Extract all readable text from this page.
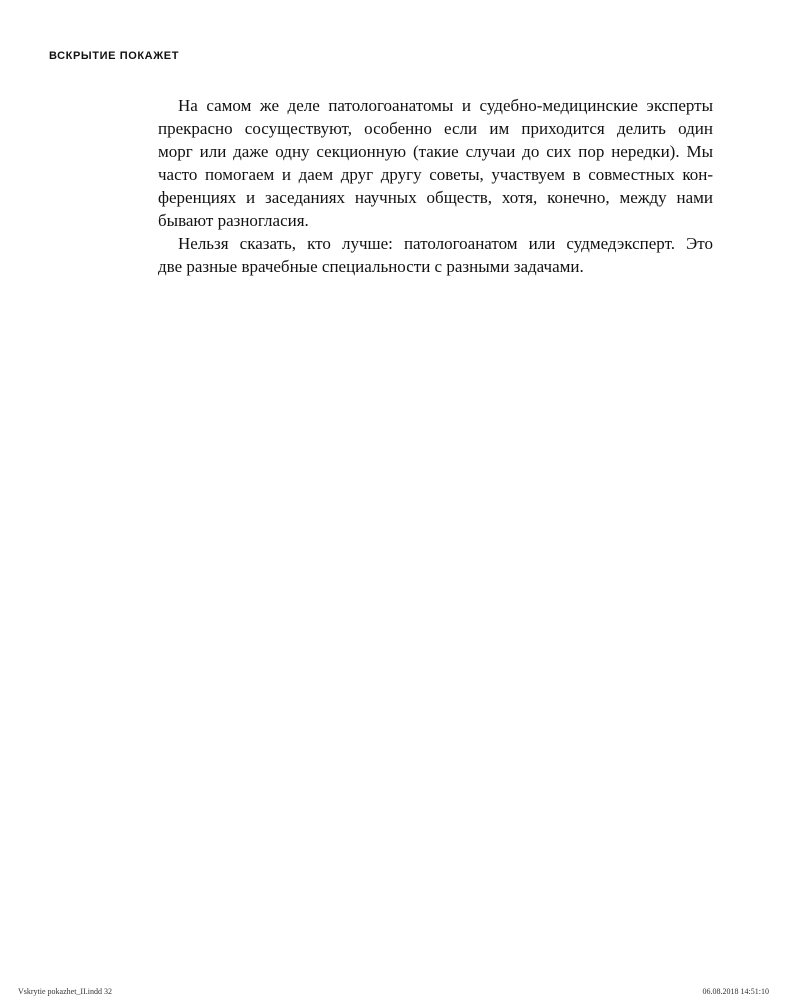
ВСКРЫТИЕ ПОКАЖЕТ
На самом же деле патологоанатомы и судебно-медицинские эксперты
прекрасно сосуществуют, особенно если им приходится делить один
морг или даже одну секционную (такие случаи до сих пор нередки). Мы
часто помогаем и даем друг другу советы, участвуем в совместных кон-
ференциях и заседаниях научных обществ, хотя, конечно, между нами
бывают разногласия.
Нельзя сказать, кто лучше: патологоанатом или судмедэксперт. Это
две разные врачебные специальности с разными задачами.
Vskrytie pokazhet_II.indd 32	06.08.2018 14:51:10
